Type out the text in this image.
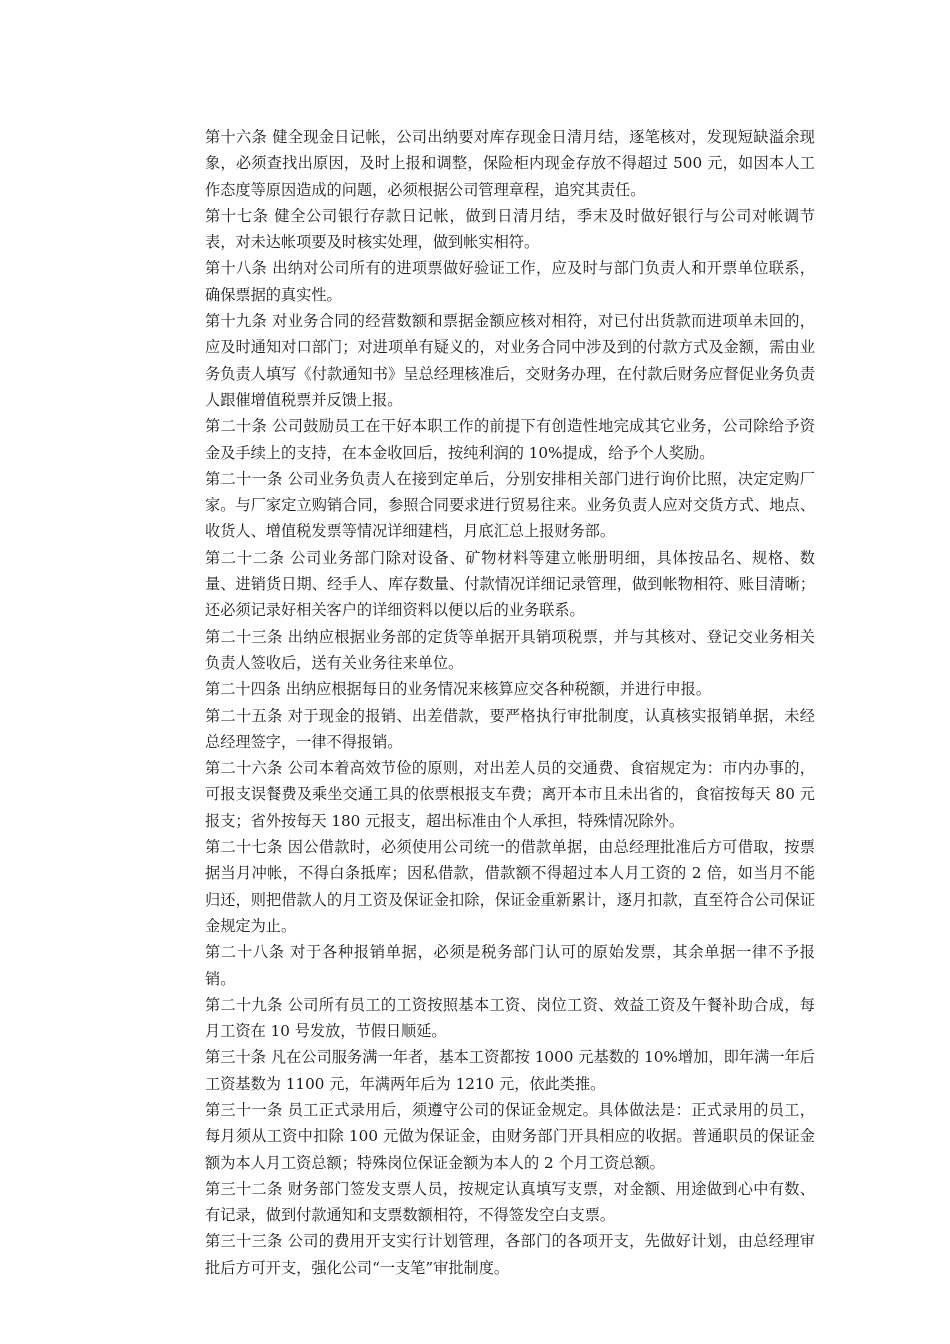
第十六条 健全现金日记帐，公司出纳要对库存现金日清月结，逐笔核对，发现短缺溢余现象，必须查找出原因，及时上报和调整，保险柜内现金存放不得超过 500 元，如因本人工作态度等原因造成的问题，必须根据公司管理章程，追究其责任。

第十七条 健全公司银行存款日记帐，做到日清月结，季末及时做好银行与公司对帐调节表，对未达帐项要及时核实处理，做到帐实相符。

第十八条 出纳对公司所有的进项票做好验证工作，应及时与部门负责人和开票单位联系，确保票据的真实性。

第十九条 对业务合同的经营数额和票据金额应核对相符，对已付出货款而进项单未回的，应及时通知对口部门；对进项单有疑义的，对业务合同中涉及到的付款方式及金额，需由业务负责人填写《付款通知书》呈总经理核准后，交财务办理，在付款后财务应督促业务负责人跟催增值税票并反馈上报。

第二十条 公司鼓励员工在干好本职工作的前提下有创造性地完成其它业务，公司除给予资金及手续上的支持，在本金收回后，按纯利润的 10%提成，给予个人奖励。

第二十一条 公司业务负责人在接到定单后，分别安排相关部门进行询价比照，决定定购厂家。与厂家定立购销合同，参照合同要求进行贸易往来。业务负责人应对交货方式、地点、收货人、增值税发票等情况详细建档，月底汇总上报财务部。

第二十二条 公司业务部门除对设备、矿物材料等建立帐册明细，具体按品名、规格、数量、进销货日期、经手人、库存数量、付款情况详细记录管理，做到帐物相符、账目清晰；还必须记录好相关客户的详细资料以便以后的业务联系。

第二十三条 出纳应根据业务部的定货等单据开具销项税票，并与其核对、登记交业务相关负责人签收后，送有关业务往来单位。

第二十四条 出纳应根据每日的业务情况来核算应交各种税额，并进行申报。

第二十五条 对于现金的报销、出差借款，要严格执行审批制度，认真核实报销单据，未经总经理签字，一律不得报销。

第二十六条 公司本着高效节俭的原则，对出差人员的交通费、食宿规定为：市内办事的，可报支误餐费及乘坐交通工具的依票根报支车费；离开本市且未出省的，食宿按每天 80 元报支；省外按每天 180 元报支，超出标准由个人承担，特殊情况除外。

第二十七条 因公借款时，必须使用公司统一的借款单据，由总经理批准后方可借取，按票据当月冲帐，不得白条抵库；因私借款，借款额不得超过本人月工资的 2 倍，如当月不能归还，则把借款人的月工资及保证金扣除，保证金重新累计，逐月扣款，直至符合公司保证金规定为止。

第二十八条 对于各种报销单据，必须是税务部门认可的原始发票，其余单据一律不予报销。

第二十九条 公司所有员工的工资按照基本工资、岗位工资、效益工资及午餐补助合成，每月工资在 10 号发放，节假日顺延。

第三十条 凡在公司服务满一年者，基本工资都按 1000 元基数的 10%增加，即年满一年后工资基数为 1100 元，年满两年后为 1210 元，依此类推。

第三十一条 员工正式录用后，须遵守公司的保证金规定。具体做法是：正式录用的员工，每月须从工资中扣除 100 元做为保证金，由财务部门开具相应的收据。普通职员的保证金额为本人月工资总额；特殊岗位保证金额为本人的 2 个月工资总额。

第三十二条 财务部门签发支票人员，按规定认真填写支票，对金额、用途做到心中有数、有记录，做到付款通知和支票数额相符，不得签发空白支票。

第三十三条 公司的费用开支实行计划管理，各部门的各项开支，先做好计划，由总经理审批后方可开支，强化公司“一支笔”审批制度。
